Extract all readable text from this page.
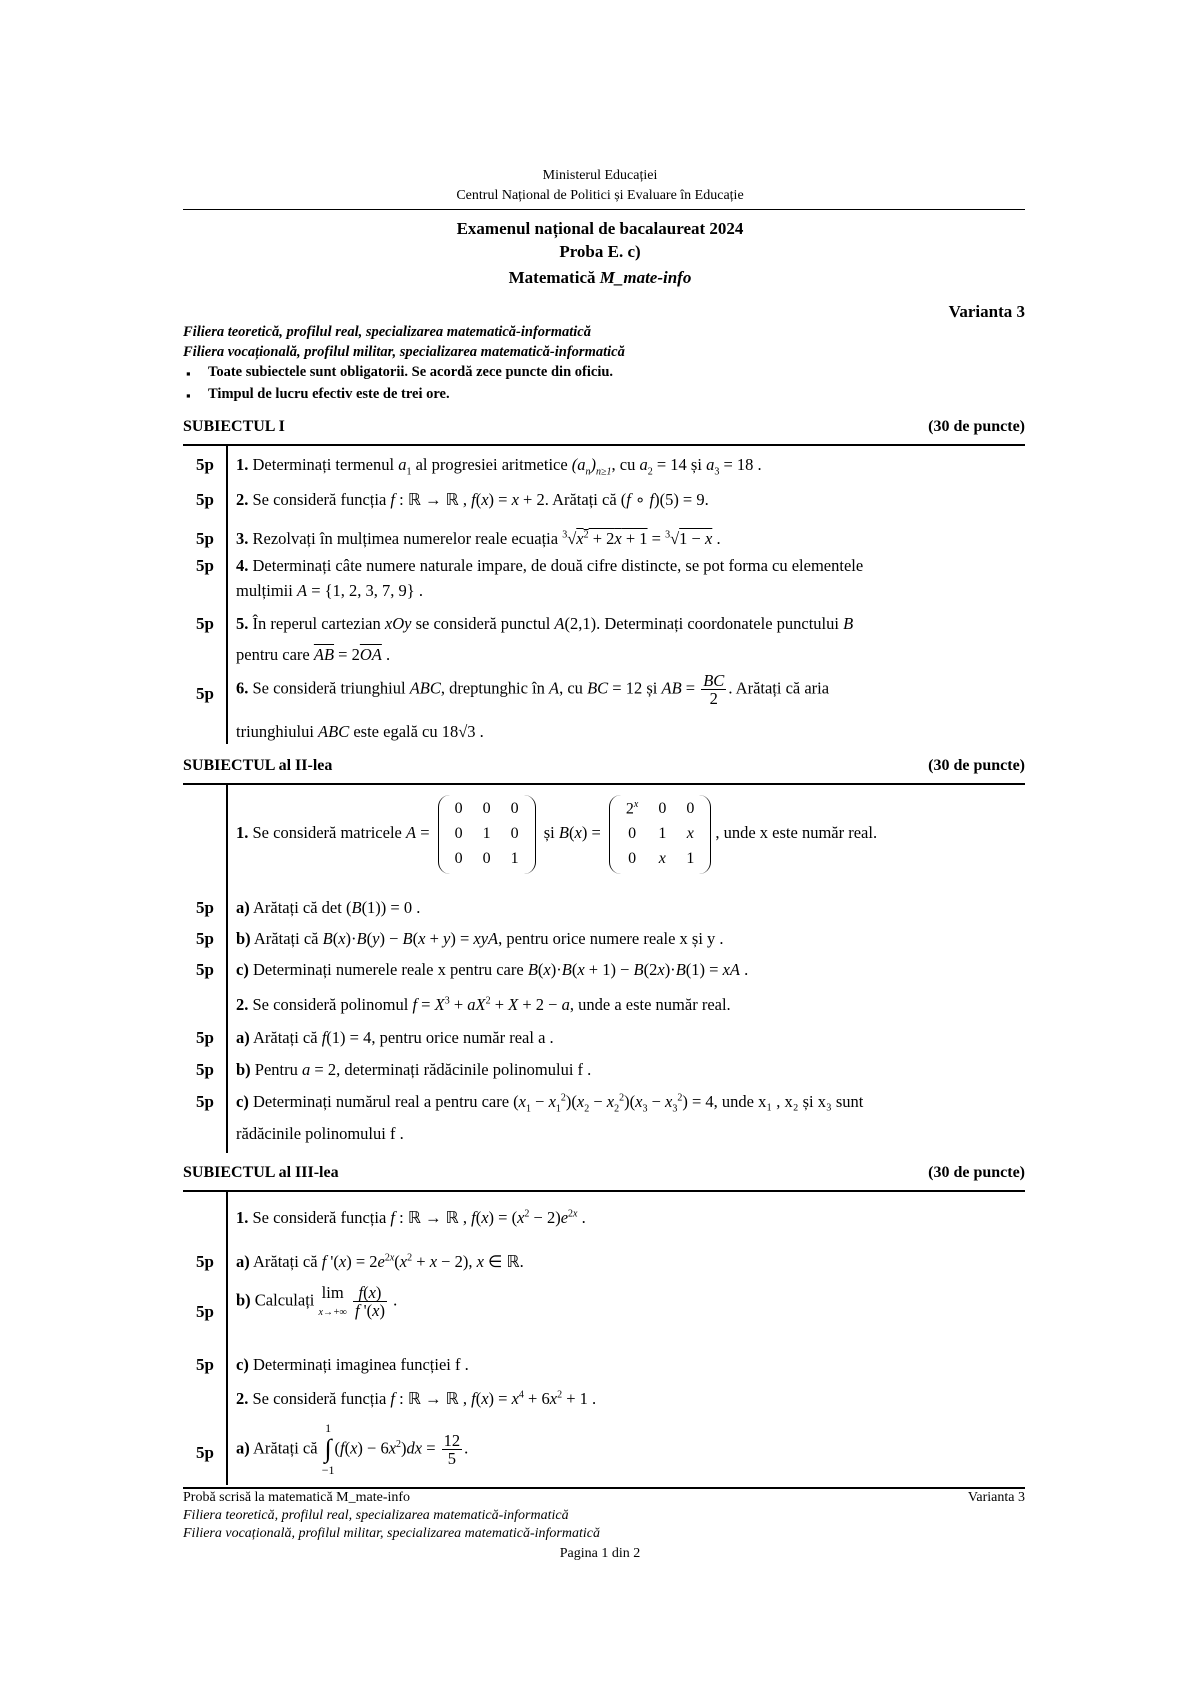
Ministerul Educației
Centrul Național de Politici și Evaluare în Educație
Examenul național de bacalaureat 2024
Proba E. c)
Matematică M_mate-info
Varianta 3
Filiera teoretică, profilul real, specializarea matematică-informatică
Filiera vocațională, profilul militar, specializarea matematică-informatică
▪ Toate subiectele sunt obligatorii. Se acordă zece puncte din oficiu.
▪ Timpul de lucru efectiv este de trei ore.
SUBIECTUL I	(30 de puncte)
5p 1. Determinați termenul $a_1$ al progresiei aritmetice $(a_n)_{n\ge 1}$, cu $a_2 = 14$ și $a_3 = 18$ .
5p 2. Se consideră funcția f : ℝ → ℝ , f(x) = x + 2. Arătați că (f ∘ f)(5) = 9.
5p 3. Rezolvați în mulțimea numerelor reale ecuația $^3√x^2 + 2x + 1 = ^3√1 - x$ .
5p 4. Determinați câte numere naturale impare, de două cifre distincte, se pot forma cu elementele
mulțimii A = {1, 2, 3, 7, 9} .
5p 5. În reperul cartezian xOy se consideră punctul A(2,1). Determinați coordonatele punctului B
pentru care $\overline{AB} = 2\overline{OA}$ .
5p 6. Se consideră triunghiul ABC, dreptunghic în A, cu BC = 12 și AB = $\frac{BC}{2}$ . Arătați că aria
triunghiului ABC este egală cu 18√3 .
SUBIECTUL al II-lea	(30 de puncte)
1. Se consideră matricele A =
0	0	0
0	1	0
0	0	1
și B(x) =
2$^x$	0	0
0	1	x
0	x	1
, unde x este număr real.
5p a) Arătați că det (B(1)) = 0 .
5p b) Arătați că B(x)·B(y) − B(x + y) = xyA, pentru orice numere reale x și y .
5p c) Determinați numerele reale x pentru care B(x)·B(x + 1) − B(2x)·B(1) = xA .
2. Se consideră polinomul $f = X^3 + aX^2 + X + 2 - a$, unde a este număr real.
5p a) Arătați că f(1) = 4, pentru orice număr real a .
5p b) Pentru a = 2, determinați rădăcinile polinomului f .
5p c) Determinați numărul real a pentru care $(x_1 - x_1^2)(x_2 - x_2^2)(x_3 - x_3^2) = 4$, unde x₁ , x₂ și x₃ sunt
rădăcinile polinomului f .
SUBIECTUL al III-lea	(30 de puncte)
1. Se consideră funcția f : ℝ → ℝ , $f(x) = (x^2 - 2)e^{2x}$ .
5p a) Arătați că f '$(x) = 2e^{2x}(x^2 + x - 2)$, x ∈ ℝ.
5p
b) Calculați lim
$x\to+\infty \frac{f(x)}{f '(x)}$ .
5p c) Determinați imaginea funcției f .
2. Se consideră funcția f : ℝ → ℝ , $f(x) = x^4 + 6x^2 + 1$ .
5p a) Arătați că 1
∫
$-1(f(x) - 6x^2)dx = \frac{12}{5}$ .
Probă scrisă la matematică M_mate-info	Varianta 3
Filiera teoretică, profilul real, specializarea matematică-informatică
Filiera vocațională, profilul militar, specializarea matematică-informatică
Pagina 1 din 2
